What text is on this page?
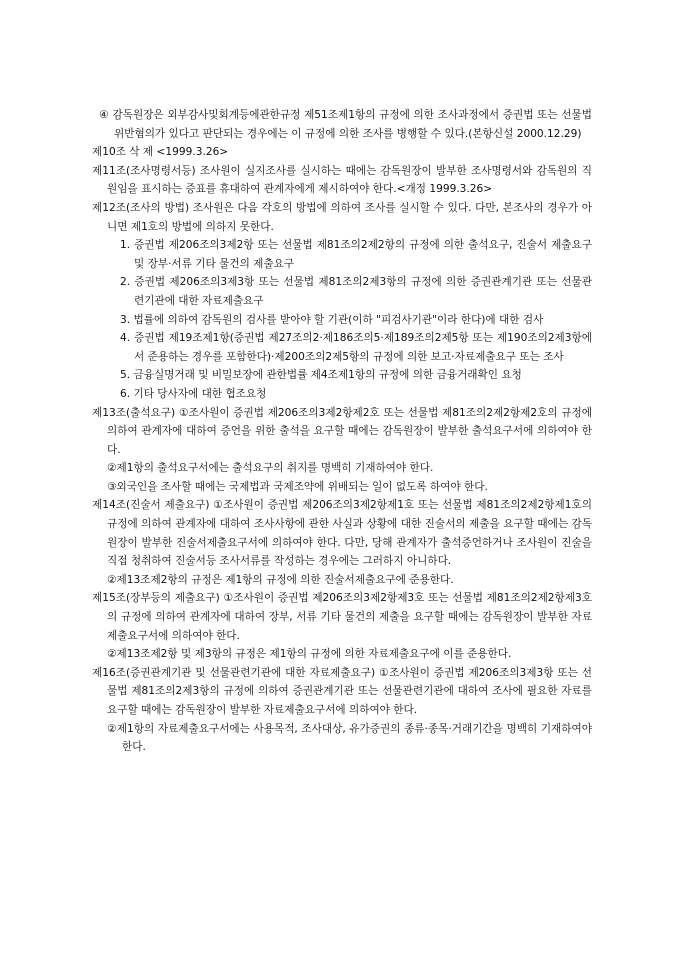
④ 감독원장은 외부감사및회계등에관한규정 제51조제1항의 규정에 의한 조사과정에서 증권법 또는 선물법 위반혐의가 있다고 판단되는 경우에는 이 규정에 의한 조사를 병행할 수 있다.(본항신설 2000.12.29)

제10조 삭 제 <1999.3.26>

제11조(조사명령서등) 조사원이 실지조사를 실시하는 때에는 감독원장이 발부한 조사명령서와 감독원의 직원임을 표시하는 증표를 휴대하여 관계자에게 제시하여야 한다.<개정 1999.3.26>

제12조(조사의 방법) 조사원은 다음 각호의 방법에 의하여 조사를 실시할 수 있다. 다만, 본조사의 경우가 아니면 제1호의 방법에 의하지 못한다.

1. 증권법 제206조의3제2항 또는 선물법 제81조의2제2항의 규정에 의한 출석요구, 진술서 제출요구 및 장부·서류 기타 물건의 제출요구

2. 증권법 제206조의3제3항 또는 선물법 제81조의2제3항의 규정에 의한 증권관계기관 또는 선물관련기관에 대한 자료제출요구

3. 법률에 의하여 감독원의 검사를 받아야 할 기관(이하 "피검사기관"이라 한다)에 대한 검사

4. 증권법 제19조제1항(증권법 제27조의2·제186조의5·제189조의2제5항 또는 제190조의2제3항에서 준용하는 경우를 포함한다)·제200조의2제5항의 규정에 의한 보고·자료제출요구 또는 조사

5. 금융실명거래 및 비밀보장에 관한법률 제4조제1항의 규정에 의한 금융거래확인 요청

6. 기타 당사자에 대한 협조요청

제13조(출석요구) ①조사원이 증권법 제206조의3제2항제2호 또는 선물법 제81조의2제2항제2호의 규정에 의하여 관계자에 대하여 증언을 위한 출석을 요구할 때에는 감독원장이 발부한 출석요구서에 의하여야 한다.

②제1항의 출석요구서에는 출석요구의 취지를 명백히 기재하여야 한다.

③외국인을 조사할 때에는 국제법과 국제조약에 위배되는 일이 없도록 하여야 한다.

제14조(진술서 제출요구) ①조사원이 증권법 제206조의3제2항제1호 또는 선물법 제81조의2제2항제1호의 규정에 의하여 관계자에 대하여 조사사항에 관한 사실과 상황에 대한 진술서의 제출을 요구할 때에는 감독원장이 발부한 진술서제출요구서에 의하여야 한다. 다만, 당해 관계자가 출석증언하거나 조사원이 진술을 직접 청취하여 진술서등 조사서류를 작성하는 경우에는 그러하지 아니하다.

②제13조제2항의 규정은 제1항의 규정에 의한 진술서제출요구에 준용한다.

제15조(장부등의 제출요구) ①조사원이 증권법 제206조의3제2항제3호 또는 선물법 제81조의2제2항제3호의 규정에 의하여 관계자에 대하여 장부, 서류 기타 물건의 제출을 요구할 때에는 감독원장이 발부한 자료제출요구서에 의하여야 한다.

②제13조제2항 및 제3항의 규정은 제1항의 규정에 의한 자료제출요구에 이를 준용한다.

제16조(증권관계기관 및 선물관련기관에 대한 자료제출요구) ①조사원이 증권법 제206조의3제3항 또는 선물법 제81조의2제3항의 규정에 의하여 증권관계기관 또는 선물관련기관에 대하여 조사에 필요한 자료를 요구할 때에는 감독원장이 발부한 자료제출요구서에 의하여야 한다.

②제1항의 자료제출요구서에는 사용목적, 조사대상, 유가증권의 종류·종목·거래기간을 명백히 기재하여야 한다.
